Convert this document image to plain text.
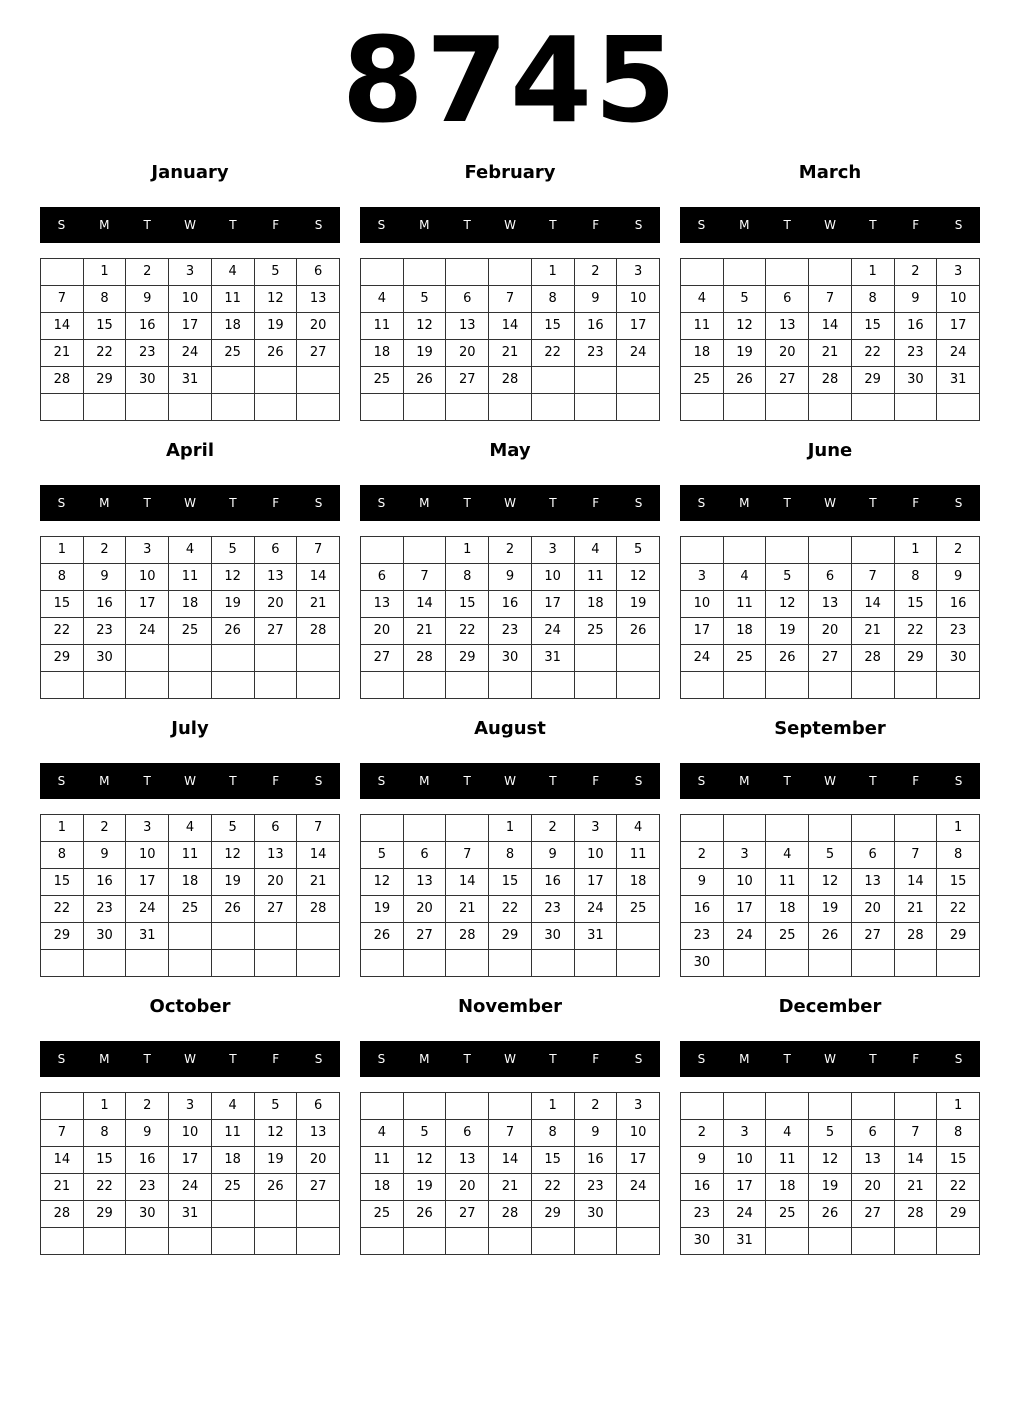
8745
January
S	M	T	W	T	F	S
	1	2	3	4	5	6
7	8	9	10	11	12	13
14	15	16	17	18	19	20
21	22	23	24	25	26	27
28	29	30	31			

February
S	M	T	W	T	F	S
				1	2	3
4	5	6	7	8	9	10
11	12	13	14	15	16	17
18	19	20	21	22	23	24
25	26	27	28			

March
S	M	T	W	T	F	S
				1	2	3
4	5	6	7	8	9	10
11	12	13	14	15	16	17
18	19	20	21	22	23	24
25	26	27	28	29	30	31

April
S	M	T	W	T	F	S
1	2	3	4	5	6	7
8	9	10	11	12	13	14
15	16	17	18	19	20	21
22	23	24	25	26	27	28
29	30					

May
S	M	T	W	T	F	S
		1	2	3	4	5
6	7	8	9	10	11	12
13	14	15	16	17	18	19
20	21	22	23	24	25	26
27	28	29	30	31		

June
S	M	T	W	T	F	S
					1	2
3	4	5	6	7	8	9
10	11	12	13	14	15	16
17	18	19	20	21	22	23
24	25	26	27	28	29	30

July
S	M	T	W	T	F	S
1	2	3	4	5	6	7
8	9	10	11	12	13	14
15	16	17	18	19	20	21
22	23	24	25	26	27	28
29	30	31				

August
S	M	T	W	T	F	S
			1	2	3	4
5	6	7	8	9	10	11
12	13	14	15	16	17	18
19	20	21	22	23	24	25
26	27	28	29	30	31	

September
S	M	T	W	T	F	S
						1
2	3	4	5	6	7	8
9	10	11	12	13	14	15
16	17	18	19	20	21	22
23	24	25	26	27	28	29
30						
October
S	M	T	W	T	F	S
	1	2	3	4	5	6
7	8	9	10	11	12	13
14	15	16	17	18	19	20
21	22	23	24	25	26	27
28	29	30	31			

November
S	M	T	W	T	F	S
				1	2	3
4	5	6	7	8	9	10
11	12	13	14	15	16	17
18	19	20	21	22	23	24
25	26	27	28	29	30	

December
S	M	T	W	T	F	S
						1
2	3	4	5	6	7	8
9	10	11	12	13	14	15
16	17	18	19	20	21	22
23	24	25	26	27	28	29
30	31					
